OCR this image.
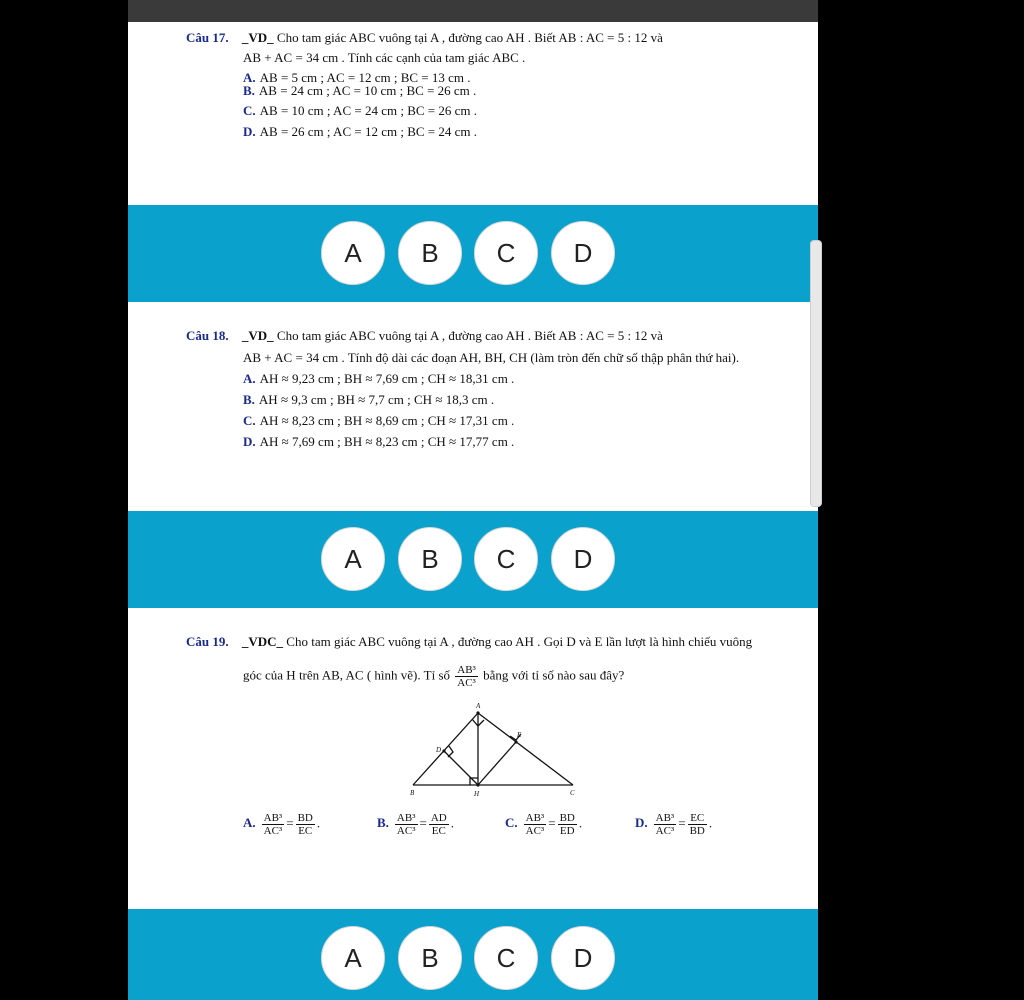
Câu 17. _VD_ Cho tam giác ABC vuông tại A , đường cao AH . Biết AB : AC = 5 : 12 và
AB + AC = 34 cm . Tính các cạnh của tam giác ABC .
A. AB = 5 cm ; AC = 12 cm ; BC = 13 cm .
B. AB = 24 cm ; AC = 10 cm ; BC = 26 cm .
C. AB = 10 cm ; AC = 24 cm ; BC = 26 cm .
D. AB = 26 cm ; AC = 12 cm ; BC = 24 cm .
A	B	C	D
Câu 18. _VD_ Cho tam giác ABC vuông tại A , đường cao AH . Biết AB : AC = 5 : 12 và
AB + AC = 34 cm . Tính độ dài các đoạn AH, BH, CH (làm tròn đến chữ số thập phân thứ hai).
A. AH ≈ 9,23 cm ; BH ≈ 7,69 cm ; CH ≈ 18,31 cm .
B. AH ≈ 9,3 cm ; BH ≈ 7,7 cm ; CH ≈ 18,3 cm .
C. AH ≈ 8,23 cm ; BH ≈ 8,69 cm ; CH ≈ 17,31 cm .
D. AH ≈ 7,69 cm ; BH ≈ 8,23 cm ; CH ≈ 17,77 cm .
A	B	C	D
Câu 19. _VDC_ Cho tam giác ABC vuông tại A , đường cao AH . Gọi D và E lần lượt là hình chiếu vuông
góc của H trên AB, AC ( hình vẽ). Tỉ số $\frac{\text{AB³}}{\text{AC³}}$ bằng với tỉ số nào sau đây?
A
B	C
D
E
H
A. $\frac{\text{AB³}}{\text{AC³}} = \frac{BD}{EC}$ .	B. $\frac{\text{AB³}}{\text{AC³}} = \frac{AD}{EC}$ .	C. $\frac{\text{AB³}}{\text{AC³}} = \frac{BD}{ED}$ .	D. $\frac{\text{AB³}}{\text{AC³}} = \frac{EC}{BD}$ .
A	B	C	D
